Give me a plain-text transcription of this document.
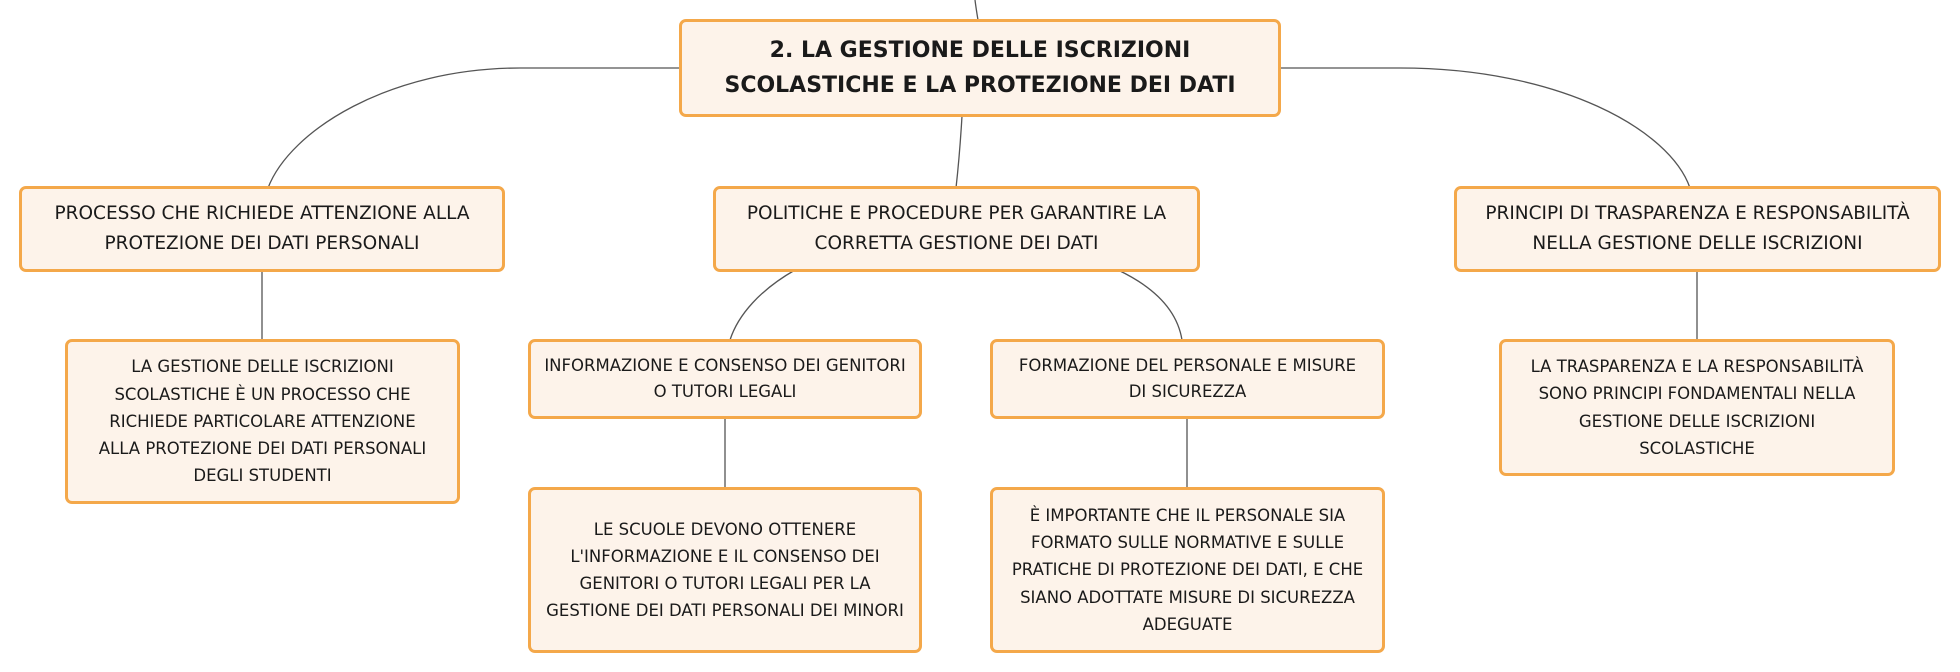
2. LA GESTIONE DELLE ISCRIZIONI SCOLASTICHE E LA PROTEZIONE DEI DATI
PROCESSO CHE RICHIEDE ATTENZIONE ALLA PROTEZIONE DEI DATI PERSONALI
POLITICHE E PROCEDURE PER GARANTIRE LA CORRETTA GESTIONE DEI DATI
PRINCIPI DI TRASPARENZA E RESPONSABILITÀ NELLA GESTIONE DELLE ISCRIZIONI
LA GESTIONE DELLE ISCRIZIONI SCOLASTICHE È UN PROCESSO CHE RICHIEDE PARTICOLARE ATTENZIONE ALLA PROTEZIONE DEI DATI PERSONALI DEGLI STUDENTI
INFORMAZIONE E CONSENSO DEI GENITORI O TUTORI LEGALI
FORMAZIONE DEL PERSONALE E MISURE DI SICUREZZA
LA TRASPARENZA E LA RESPONSABILITÀ SONO PRINCIPI FONDAMENTALI NELLA GESTIONE DELLE ISCRIZIONI SCOLASTICHE
LE SCUOLE DEVONO OTTENERE L'INFORMAZIONE E IL CONSENSO DEI GENITORI O TUTORI LEGALI PER LA GESTIONE DEI DATI PERSONALI DEI MINORI
È IMPORTANTE CHE IL PERSONALE SIA FORMATO SULLE NORMATIVE E SULLE PRATICHE DI PROTEZIONE DEI DATI, E CHE SIANO ADOTTATE MISURE DI SICUREZZA ADEGUATE
